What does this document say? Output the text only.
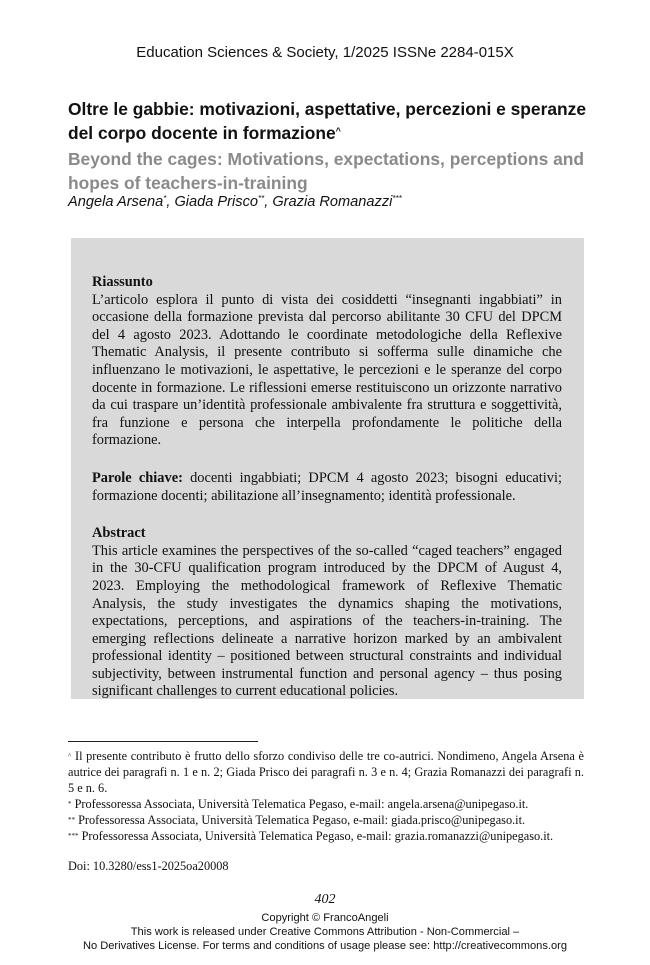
Education Sciences & Society, 1/2025 ISSNe 2284-015X
Oltre le gabbie: motivazioni, aspettative, percezioni e speranze del corpo docente in formazione^
Beyond the cages: Motivations, expectations, perceptions and hopes of teachers-in-training
Angela Arsena*, Giada Prisco**, Grazia Romanazzi***

Riassunto

L’articolo esplora il punto di vista dei cosiddetti “insegnanti ingabbiati” in occasione della formazione prevista dal percorso abilitante 30 CFU del DPCM del 4 agosto 2023. Adottando le coordinate metodologiche della Reflexive Thematic Analysis, il presente contributo si sofferma sulle dinamiche che influenzano le motivazioni, le aspettative, le percezioni e le speranze del corpo docente in formazione. Le riflessioni emerse restituiscono un orizzonte narrativo da cui traspare un’identità professionale ambivalente fra struttura e soggettività, fra funzione e persona che interpella profondamente le politiche della formazione.

Parole chiave: docenti ingabbiati; DPCM 4 agosto 2023; bisogni educativi; formazione docenti; abilitazione all’insegnamento; identità professionale.

Abstract

This article examines the perspectives of the so-called “caged teachers” engaged in the 30-CFU qualification program introduced by the DPCM of August 4, 2023. Employing the methodological framework of Reflexive Thematic Analysis, the study investigates the dynamics shaping the motivations, expectations, perceptions, and aspirations of the teachers-in-training. The emerging reflections delineate a narrative horizon marked by an ambivalent professional identity – positioned between structural constraints and individual subjectivity, between instrumental function and personal agency – thus posing significant challenges to current educational policies.

^ Il presente contributo è frutto dello sforzo condiviso delle tre co-autrici. Nondimeno, Angela Arsena è autrice dei paragrafi n. 1 e n. 2; Giada Prisco dei paragrafi n. 3 e n. 4; Grazia Romanazzi dei paragrafi n. 5 e n. 6.

* Professoressa Associata, Università Telematica Pegaso, e-mail: angela.arsena@unipegaso.it.

** Professoressa Associata, Università Telematica Pegaso, e-mail: giada.prisco@unipegaso.it.

*** Professoressa Associata, Università Telematica Pegaso, e-mail: grazia.romanazzi@unipegaso.it.

Doi: 10.3280/ess1-2025oa20008
402
Copyright © FrancoAngeli
This work is released under Creative Commons Attribution - Non-Commercial –
No Derivatives License. For terms and conditions of usage please see: http://creativecommons.org
